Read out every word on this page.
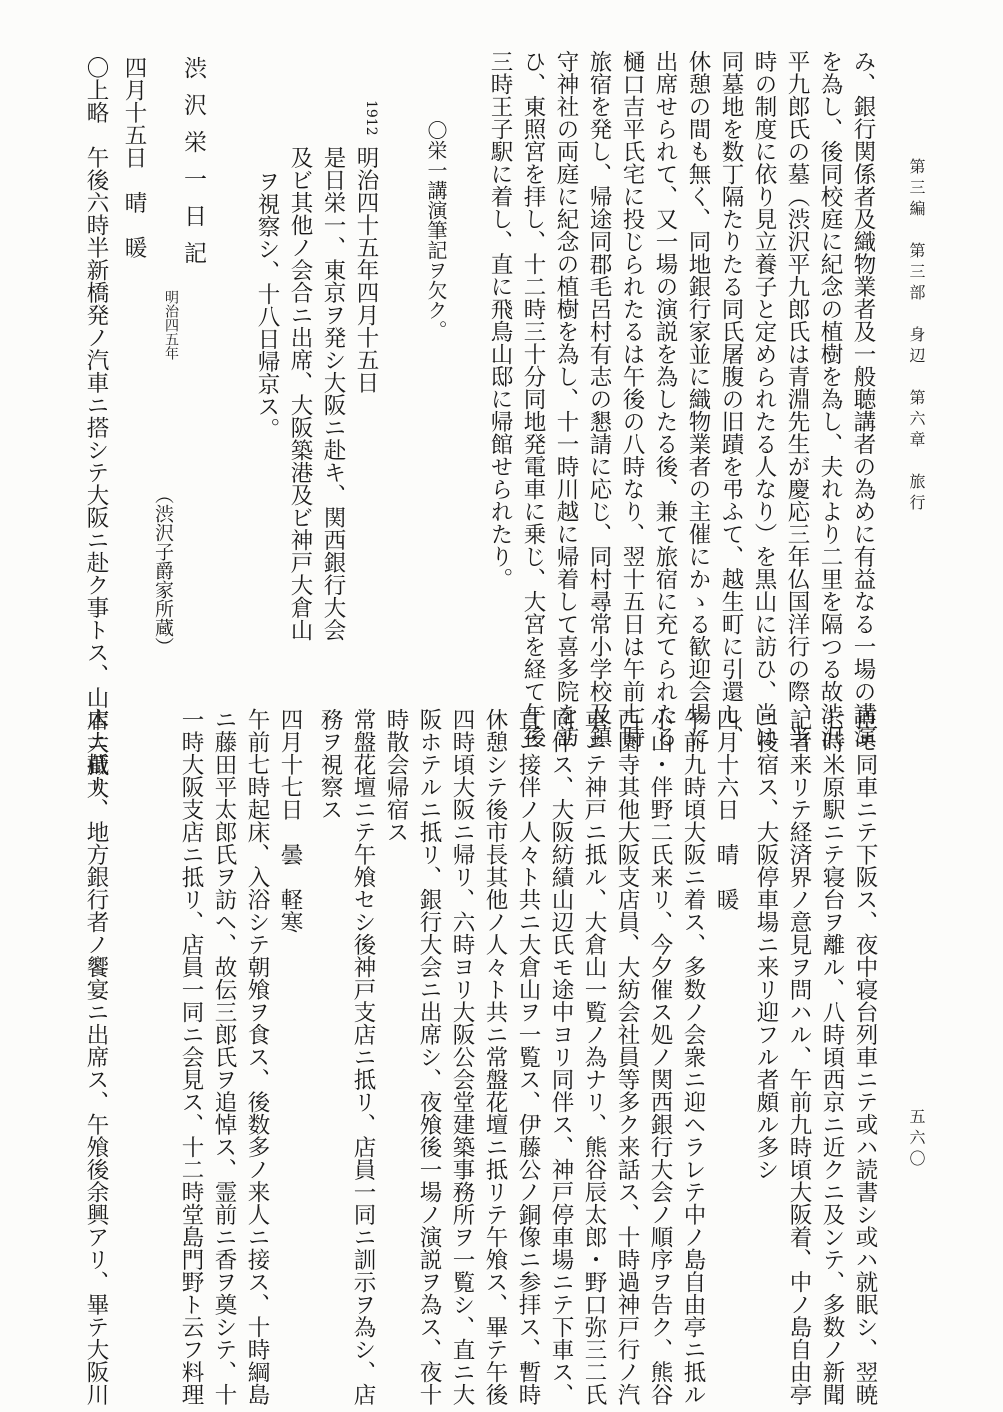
第三編　第三部　身辺　第六章　旅行
五六〇
み、銀行関係者及織物業者及一般聴講者の為めに有益なる一場の講演
を為し、後同校庭に紀念の植樹を為し、夫れより二里を隔つる故渋沢
平九郎氏の墓（渋沢平九郎氏は青淵先生が慶応三年仏国洋行の際、当
時の制度に依り見立養子と定められたる人なり）を黒山に訪ひ、尚は
同墓地を数丁隔たりたる同氏屠腹の旧蹟を弔ふて、越生町に引還し、
休憩の間も無く、同地銀行家並に織物業者の主催にかゝる歓迎会場に
出席せられて、又一場の演説を為したる後、兼て旅宿に充てられたる
樋口吉平氏宅に投じられたるは午後の八時なり、翌十五日は午前七時
旅宿を発し、帰途同郡毛呂村有志の懇請に応じ、同村尋常小学校及鎮
守神社の両庭に紀念の植樹を為し、十一時川越に帰着して喜多院を訪
ひ、東照宮を拝し、十二時三十分同地発電車に乗じ、大宮を経て午後
三時王子駅に着し、直に飛鳥山邸に帰館せられたり。
〇栄一講演筆記ヲ欠ク。
1912
明治四十五年四月十五日
是日栄一、東京ヲ発シ大阪ニ赴キ、関西銀行大会
及ビ其他ノ会合ニ出席、大阪築港及ビ神戸大倉山
ヲ視察シ、十八日帰京ス。
渋沢栄一日記
明治四五年
（渋沢子爵家所蔵）
四月十五日　晴　暖
〇上略　午後六時半新橋発ノ汽車ニ搭シテ大阪ニ赴ク事トス、山本大蔵大
臣モ同車ニテ下阪ス、夜中寝台列車ニテ或ハ読書シ或ハ就眠シ、翌暁
七時米原駅ニテ寝台ヲ離ル、八時頃西京ニ近クニ及ンテ、多数ノ新聞
記者来リテ経済界ノ意見ヲ問ハル、午前九時頃大阪着、中ノ島自由亭
ニ投宿ス、大阪停車場ニ来リ迎フル者頗ル多シ
四月十六日　晴　暖
午前九時頃大阪ニ着ス、多数ノ会衆ニ迎ヘラレテ中ノ島自由亭ニ抵ル
小山・伴野二氏来リ、今夕催ス処ノ関西銀行大会ノ順序ヲ告ク、熊谷
西園寺其他大阪支店員、大紡会社員等多ク来話ス、十時過神戸行ノ汽
車ニテ神戸ニ抵ル、大倉山一覧ノ為ナリ、熊谷辰太郎・野口弥三二氏
同伴ス、大阪紡績山辺氏モ途中ヨリ同伴ス、神戸停車場ニテ下車ス、
直ニ接伴ノ人々ト共ニ大倉山ヲ一覧ス、伊藤公ノ銅像ニ参拝ス、暫時
休憩シテ後市長其他ノ人々ト共ニ常盤花壇ニ抵リテ午飧ス、畢テ午後
四時頃大阪ニ帰リ、六時ヨリ大阪公会堂建築事務所ヲ一覧シ、直ニ大
阪ホテルニ抵リ、銀行大会ニ出席シ、夜飧後一場ノ演説ヲ為ス、夜十
時散会帰宿ス
常盤花壇ニテ午飧セシ後神戸支店ニ抵リ、店員一同ニ訓示ヲ為シ、店
務ヲ視察ス
四月十七日　曇　軽寒
午前七時起床、入浴シテ朝飧ヲ食ス、後数多ノ来人ニ接ス、十時綱島
ニ藤田平太郎氏ヲ訪ヘ、故伝三郎氏ヲ追悼ス、霊前ニ香ヲ奠シテ、十
一時大阪支店ニ抵リ、店員一同ニ会見ス、十二時堂島門野ト云フ料理
店ニ抵リ、地方銀行者ノ饗宴ニ出席ス、午飧後余興アリ、畢テ大阪川
